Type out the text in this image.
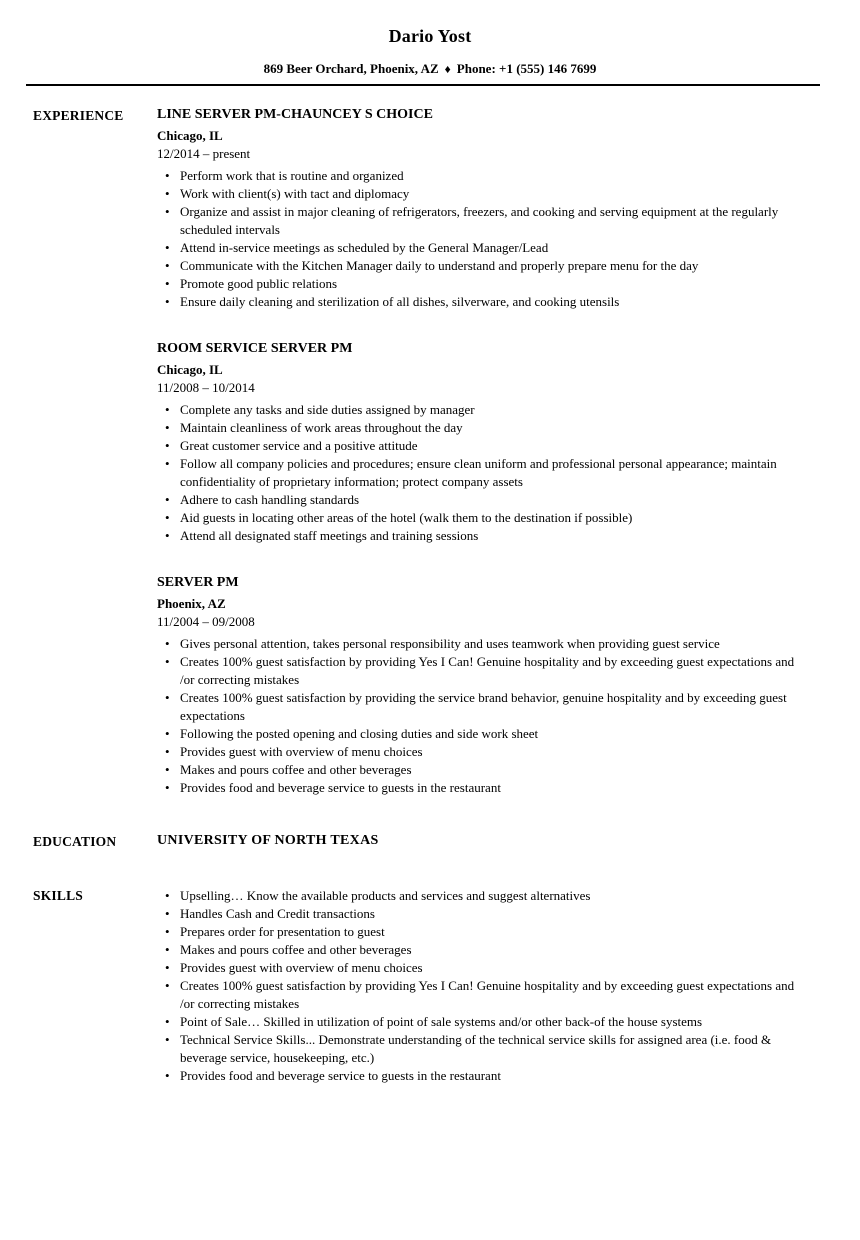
Dario Yost

869 Beer Orchard, Phoenix, AZ ♦ Phone: +1 (555) 146 7699

EXPERIENCE	LINE SERVER PM-CHAUNCEY S CHOICE
Chicago, IL
12/2014 – present
• Perform work that is routine and organized
• Work with client(s) with tact and diplomacy
• Organize and assist in major cleaning of refrigerators, freezers, and cooking and serving equipment at the regularly scheduled intervals
• Attend in-service meetings as scheduled by the General Manager/Lead
• Communicate with the Kitchen Manager daily to understand and properly prepare menu for the day
• Promote good public relations
• Ensure daily cleaning and sterilization of all dishes, silverware, and cooking utensils
ROOM SERVICE SERVER PM
Chicago, IL
11/2008 – 10/2014
• Complete any tasks and side duties assigned by manager
• Maintain cleanliness of work areas throughout the day
• Great customer service and a positive attitude
• Follow all company policies and procedures; ensure clean uniform and professional personal appearance; maintain confidentiality of proprietary information; protect company assets
• Adhere to cash handling standards
• Aid guests in locating other areas of the hotel (walk them to the destination if possible)
• Attend all designated staff meetings and training sessions
SERVER PM
Phoenix, AZ
11/2004 – 09/2008
• Gives personal attention, takes personal responsibility and uses teamwork when providing guest service
• Creates 100% guest satisfaction by providing Yes I Can! Genuine hospitality and by exceeding guest expectations and /or correcting mistakes
• Creates 100% guest satisfaction by providing the service brand behavior, genuine hospitality and by exceeding guest expectations
• Following the posted opening and closing duties and side work sheet
• Provides guest with overview of menu choices
• Makes and pours coffee and other beverages
• Provides food and beverage service to guests in the restaurant
EDUCATION	UNIVERSITY OF NORTH TEXAS
SKILLS	• Upselling… Know the available products and services and suggest alternatives
• Handles Cash and Credit transactions
• Prepares order for presentation to guest
• Makes and pours coffee and other beverages
• Provides guest with overview of menu choices
• Creates 100% guest satisfaction by providing Yes I Can! Genuine hospitality and by exceeding guest expectations and /or correcting mistakes
• Point of Sale… Skilled in utilization of point of sale systems and/or other back-of the house systems
• Technical Service Skills... Demonstrate understanding of the technical service skills for assigned area (i.e. food & beverage service, housekeeping, etc.)
• Provides food and beverage service to guests in the restaurant
